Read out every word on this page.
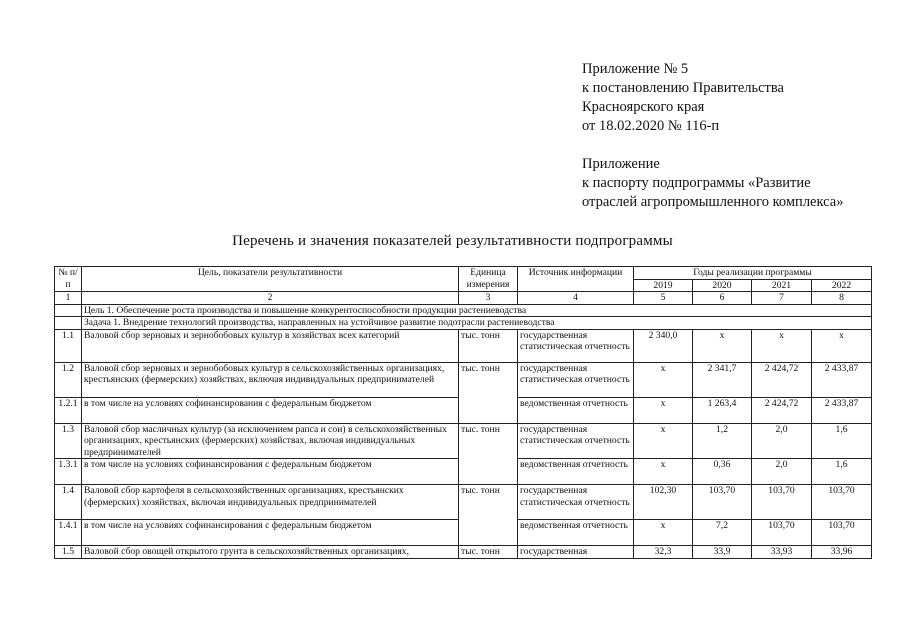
Приложение № 5
к постановлению Правительства
Красноярского края
от 18.02.2020 № 116-п
Приложение
к паспорту подпрограммы «Развитие
отраслей агропромышленного комплекса»
Перечень и значения показателей результативности подпрограммы
№ п/п	Цель, показатели результативности	Единица измерения	Источник информации	Годы реализации программы			
				2019	2020	2021	2022
1	2	3	4	5	6	7	8
	Цель 1. Обеспечение роста производства и повышение конкурентоспособности продукции растениеводства						
	Задача 1. Внедрение технологий производства, направленных на устойчивое развитие подотрасли растениеводства						
1.1	Валовой сбор зерновых и зернобобовых культур в хозяйствах всех категорий	тыс. тонн	государственная статистическая отчетность	2 340,0	х	х	х
1.2	Валовой сбор зерновых и зернобобовых культур в сельскохозяйственных организациях, крестьянских (фермерских) хозяйствах, включая индивидуальных предпринимателей	тыс. тонн	государственная статистическая отчетность	х	2 341,7	2 424,72	2 433,87
1.2.1	в том числе на условиях софинансирования с федеральным бюджетом		ведомственная отчетность	х	1 263,4	2 424,72	2 433,87
1.3	Валовой сбор масличных культур (за исключением рапса и сои) в сельскохозяйственных организациях, крестьянских (фермерских) хозяйствах, включая индивидуальных предпринимателей	тыс. тонн	государственная статистическая отчетность	х	1,2	2,0	1,6
1.3.1	в том числе на условиях софинансирования с федеральным бюджетом		ведомственная отчетность	х	0,36	2,0	1,6
1.4	Валовой сбор картофеля в сельскохозяйственных организациях, крестьянских (фермерских) хозяйствах, включая индивидуальных предпринимателей	тыс. тонн	государственная статистическая отчетность	102,30	103,70	103,70	103,70
1.4.1	в том числе на условиях софинансирования с федеральным бюджетом		ведомственная отчетность	х	7,2	103,70	103,70
1.5	Валовой сбор овощей открытого грунта в сельскохозяйственных организациях,	тыс. тонн	государственная	32,3	33,9	33,93	33,96
